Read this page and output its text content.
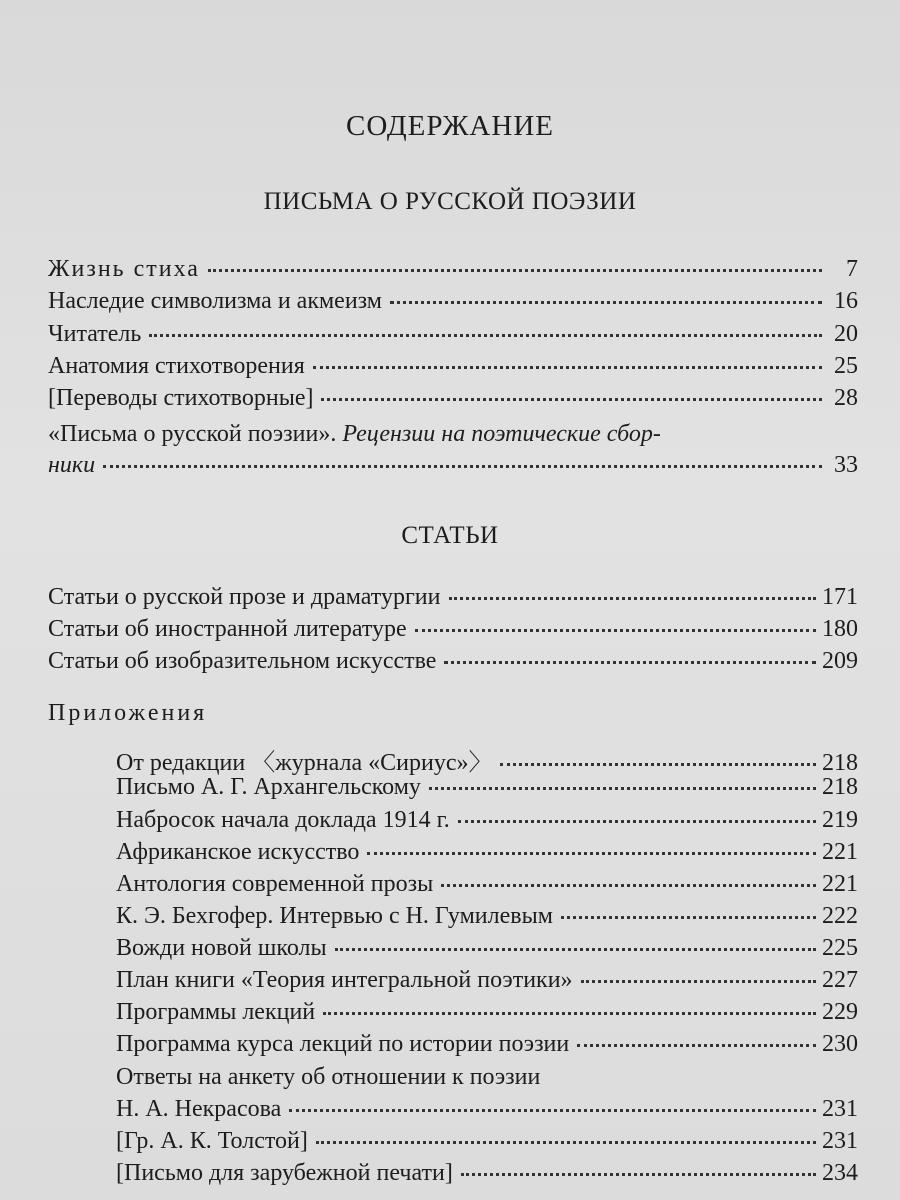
СОДЕРЖАНИЕ
ПИСЬМА О РУССКОЙ ПОЭЗИИ
Жизнь стиха	7
Наследие символизма и акмеизм	16
Читатель	20
Анатомия стихотворения	25
[Переводы стихотворные]	28
«Письма о русской поэзии». Рецензии на поэтические сбор-
ники	33
СТАТЬИ
Статьи о русской прозе и драматургии	171
Статьи об иностранной литературе	180
Статьи об изобразительном искусстве	209
Приложения
От редакции 〈журнала «Сириус»〉	218
Письмо А. Г. Архангельскому	218
Набросок начала доклада 1914 г.	219
Африканское искусство	221
Антология современной прозы	221
К. Э. Бехгофер. Интервью с Н. Гумилевым	222
Вожди новой школы	225
План книги «Теория интегральной поэтики»	227
Программы лекций	229
Программа курса лекций по истории поэзии	230
Ответы на анкету об отношении к поэзии
Н. А. Некрасова	231
[Гр. А. К. Толстой]	231
[Письмо для зарубежной печати]	234
